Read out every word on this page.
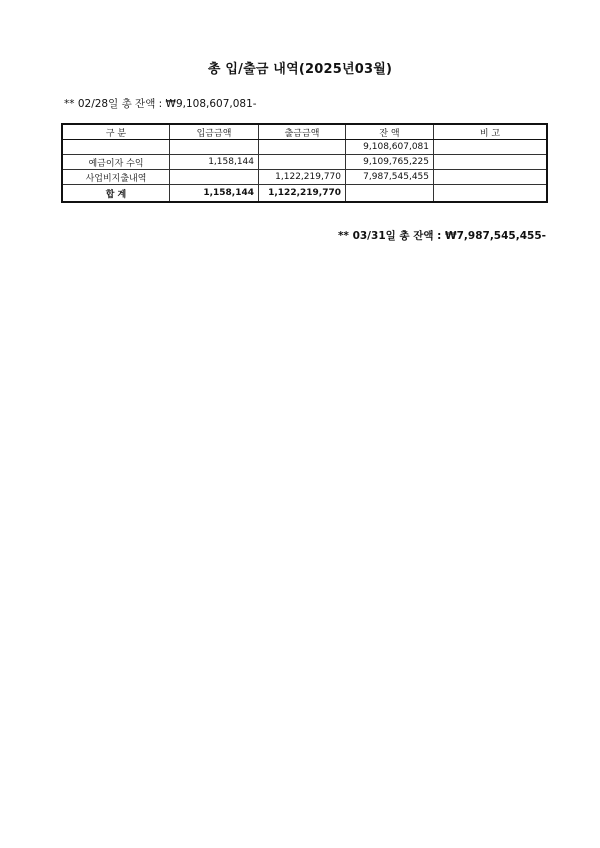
총 입/출금 내역(2025년03월)
** 02/28일 총 잔액 : ₩9,108,607,081-
구 분	입금금액	출금금액	잔 액	비 고
			9,108,607,081	
예금이자 수익	1,158,144		9,109,765,225	
사업비지출내역		1,122,219,770	7,987,545,455	
합 계	1,158,144	1,122,219,770		
** 03/31일 총 잔액 : ₩7,987,545,455-
